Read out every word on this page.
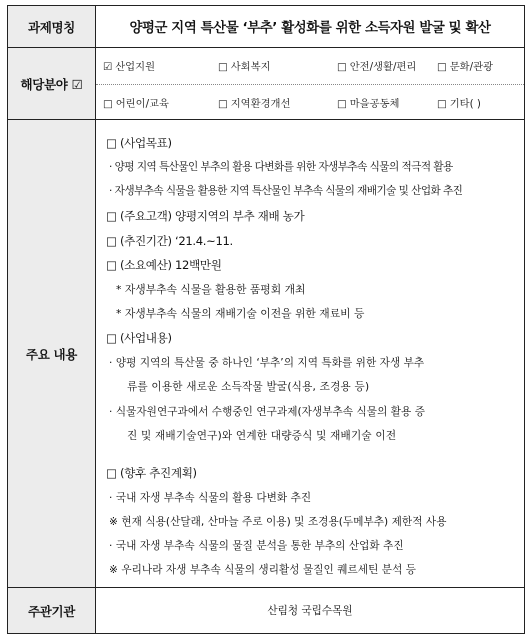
과제명칭	양평군 지역 특산물 ‘부추’ 활성화를 위한 소득자원 발굴 및 확산
해당분야 ☑
☑ 산업지원	□ 사회복지	□ 안전/생활/편리 □ 문화/관광
□ 어린이/교육	□ 지역환경개선	□ 마을공동체	□ 기타( )
주요 내용
□ (사업목표)
· 양평 지역 특산물인 부추의 활용 다변화를 위한 자생부추속 식물의 적극적 활용
· 자생부추속 식물을 활용한 지역 특산물인 부추속 식물의 재배기술 및 산업화 추진
□ (주요고객) 양평지역의 부추 재배 농가
□ (추진기간) ‘21.4.~11.
□ (소요예산) 12백만원
* 자생부추속 식물을 활용한 품평회 개최
* 자생부추속 식물의 재배기술 이전을 위한 재료비 등
□ (사업내용)
· 양평 지역의 특산물 중 하나인 ‘부추’의 지역 특화를 위한 자생 부추
류를 이용한 새로운 소득작물 발굴(식용, 조경용 등)
· 식물자원연구과에서 수행중인 연구과제(자생부추속 식물의 활용 증
진 및 재배기술연구)와 연계한 대량증식 및 재배기술 이전
□ (향후 추진계획)
· 국내 자생 부추속 식물의 활용 다변화 추진
※ 현재 식용(산달래, 산마늘 주로 이용) 및 조경용(두메부추) 제한적 사용
· 국내 자생 부추속 식물의 물질 분석을 통한 부추의 산업화 추진
※ 우리나라 자생 부추속 식물의 생리활성 물질인 퀘르세틴 분석 등
주관기관	산림청 국립수목원
